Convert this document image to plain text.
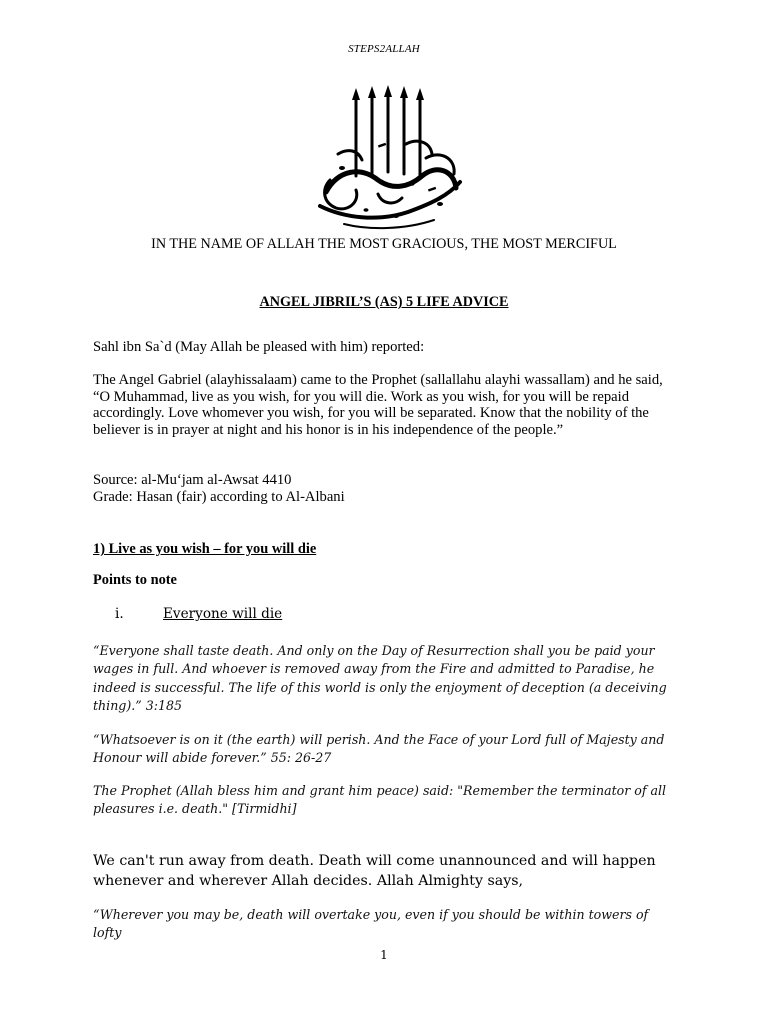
STEPS2ALLAH

IN THE NAME OF ALLAH THE MOST GRACIOUS, THE MOST MERCIFUL

ANGEL JIBRIL’S (AS) 5 LIFE ADVICE

Sahl ibn Sa`d (May Allah be pleased with him) reported:

The Angel Gabriel (alayhissalaam) came to the Prophet (sallallahu alayhi wassallam) and he said, “O Muhammad, live as you wish, for you will die. Work as you wish, for you will be repaid accordingly. Love whomever you wish, for you will be separated. Know that the nobility of the believer is in prayer at night and his honor is in his independence of the people.”

Source: al-Mu‘jam al-Awsat 4410
Grade: Hasan (fair) according to Al-Albani

1) Live as you wish – for you will die

Points to note

i.	Everyone will die

“Everyone shall taste death. And only on the Day of Resurrection shall you be paid your wages in full. And whoever is removed away from the Fire and admitted to Paradise, he indeed is successful. The life of this world is only the enjoyment of deception (a deceiving thing).” 3:185

“Whatsoever is on it (the earth) will perish. And the Face of your Lord full of Majesty and Honour will abide forever.” 55: 26-27

The Prophet (Allah bless him and grant him peace) said: "Remember the terminator of all pleasures i.e. death." [Tirmidhi]

We can't run away from death. Death will come unannounced and will happen whenever and wherever Allah decides. Allah Almighty says,

“Wherever you may be, death will overtake you, even if you should be within towers of lofty

1
